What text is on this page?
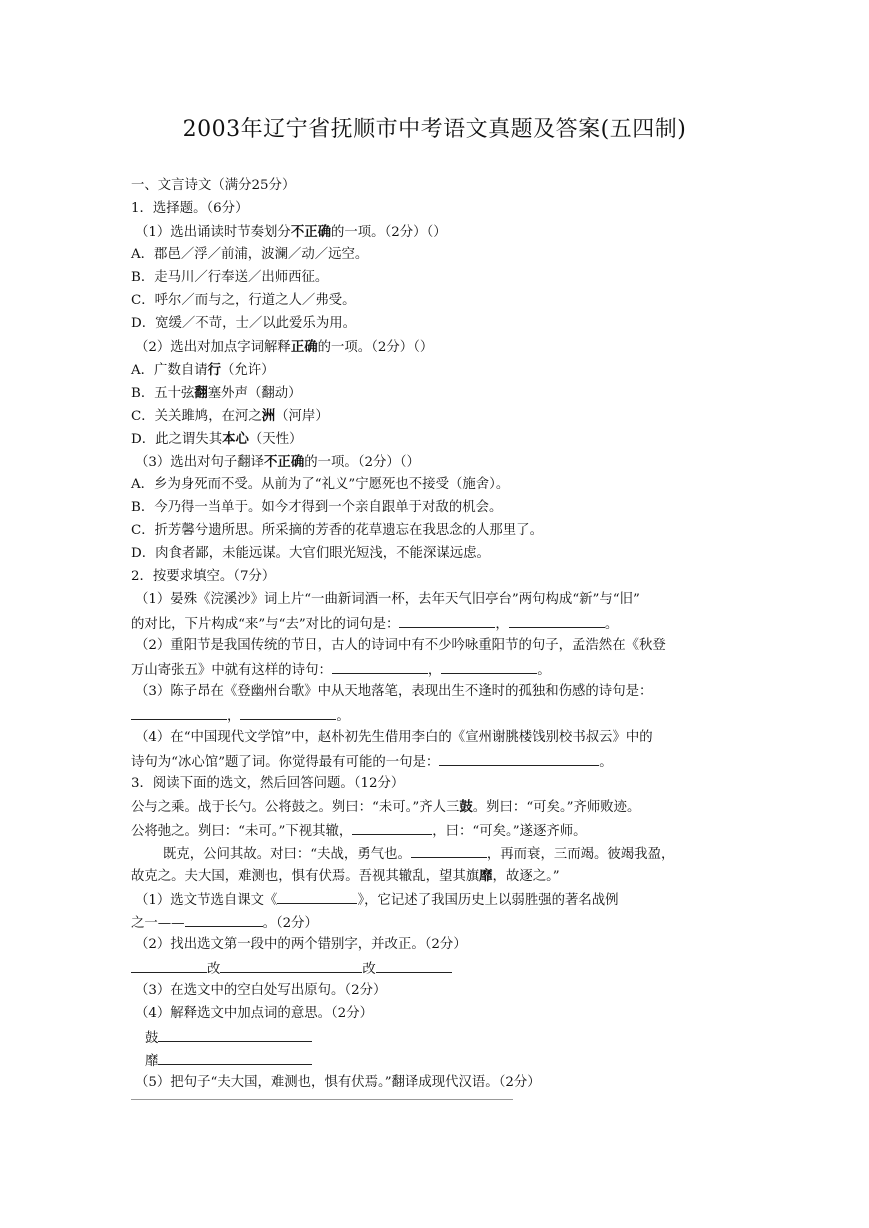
2003年辽宁省抚顺市中考语文真题及答案(五四制)
一、文言诗文（满分25分）
1．选择题。（6分）
（1）选出诵读时节奏划分不正确的一项。（2分）（）
A．郡邑／浮／前浦，波澜／动／远空。
B．走马川／行奉送／出师西征。
C．呼尔／而与之，行道之人／弗受。
D．宽缓／不苛，士／以此爱乐为用。
（2）选出对加点字词解释正确的一项。（2分）（）
A．广数自请行（允许）
B．五十弦翻塞外声（翻动）
C．关关雎鸠，在河之洲（河岸）
D．此之谓失其本心（天性）
（3）选出对句子翻译不正确的一项。（2分）（）
A．乡为身死而不受。从前为了“礼义”宁愿死也不接受（施舍）。
B．今乃得一当单于。如今才得到一个亲自跟单于对敌的机会。
C．折芳馨兮遗所思。所采摘的芳香的花草遗忘在我思念的人那里了。
D．肉食者鄙，未能远谋。大官们眼光短浅，不能深谋远虑。
2．按要求填空。（7分）
（1）晏殊《浣溪沙》词上片“一曲新词酒一杯，去年天气旧亭台”两句构成“新”与“旧”
的对比，下片构成“来”与“去”对比的词句是：	，	。
（2）重阳节是我国传统的节日，古人的诗词中有不少吟咏重阳节的句子，孟浩然在《秋登
万山寄张五》中就有这样的诗句：	，	。
（3）陈子昂在《登幽州台歌》中从天地落笔，表现出生不逢时的孤独和伤感的诗句是：
，	。
（4）在“中国现代文学馆”中，赵朴初先生借用李白的《宣州谢朓楼饯别校书叔云》中的
诗句为“冰心馆”题了词。你觉得最有可能的一句是：	。
3．阅读下面的选文，然后回答问题。（12分）
公与之乘。战于长勺。公将鼓之。刿曰：“未可。”齐人三鼓。刿曰：“可矣。”齐师败迹。
公将弛之。刿曰：“未可。”下视其辙，	，曰：“可矣。”遂逐齐师。
既克，公问其故。对曰：“夫战，勇气也。	，再而衰，三而竭。彼竭我盈，
故克之。夫大国，难测也，惧有伏焉。吾视其辙乱，望其旗靡，故逐之。”
（1）选文节选自课文《	》，它记述了我国历史上以弱胜强的著名战例
之一——	。（2分）
（2）找出选文第一段中的两个错别字，并改正。（2分）
改	改
（3）在选文中的空白处写出原句。（2分）
（4）解释选文中加点词的意思。（2分）
鼓
靡
（5）把句子“夫大国，难测也，惧有伏焉。”翻译成现代汉语。（2分）
